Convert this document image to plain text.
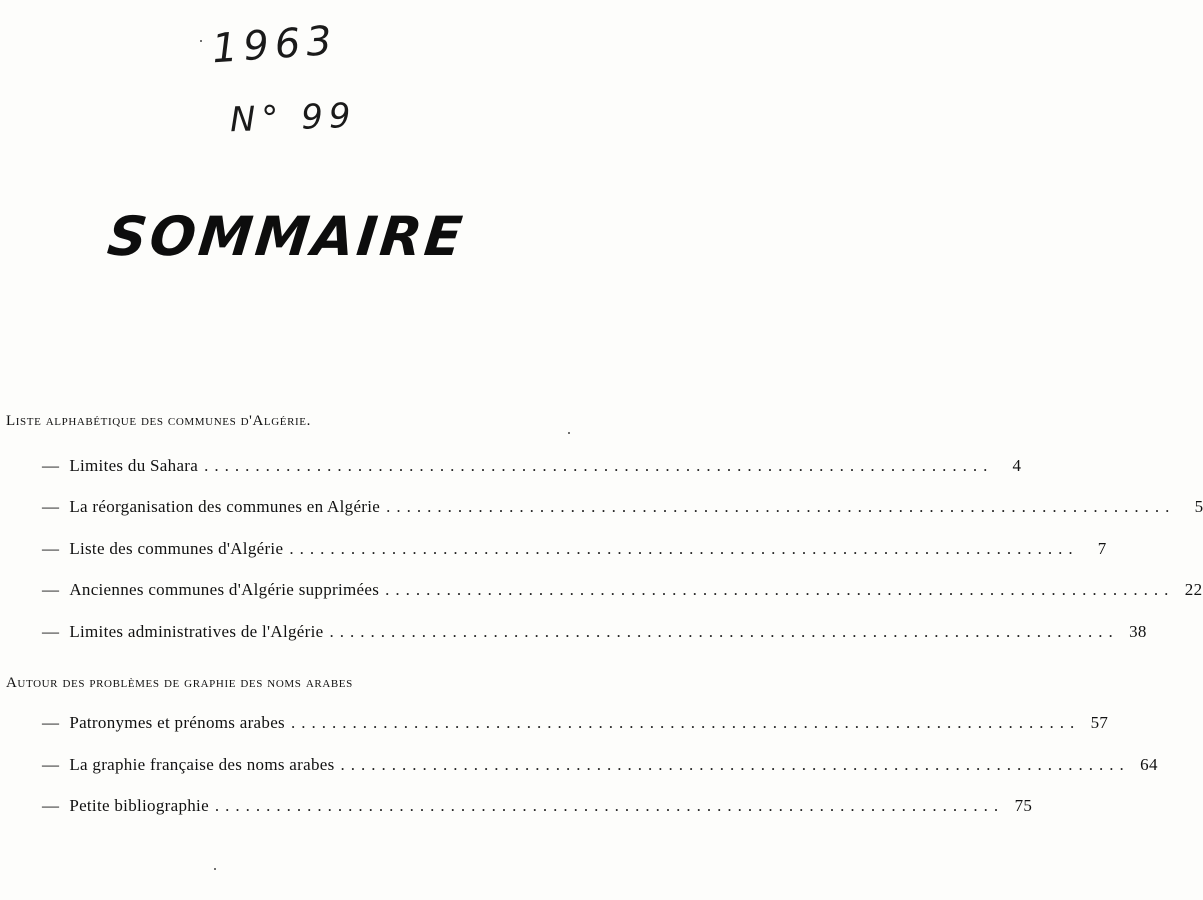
1963
N° 99
SOMMAIRE
Liste alphabétique des communes d'Algérie.
— Limites du Sahara .............................................................................	4
— La réorganisation des communes en Algérie .............................................................................	5
— Liste des communes d'Algérie .............................................................................	7
— Anciennes communes d'Algérie supprimées ............................................................................. 22
— Limites administratives de l'Algérie ............................................................................. 38
Autour des problèmes de graphie des noms arabes
— Patronymes et prénoms arabes ............................................................................. 57
— La graphie française des noms arabes ............................................................................. 64
— Petite bibliographie ............................................................................. 75
